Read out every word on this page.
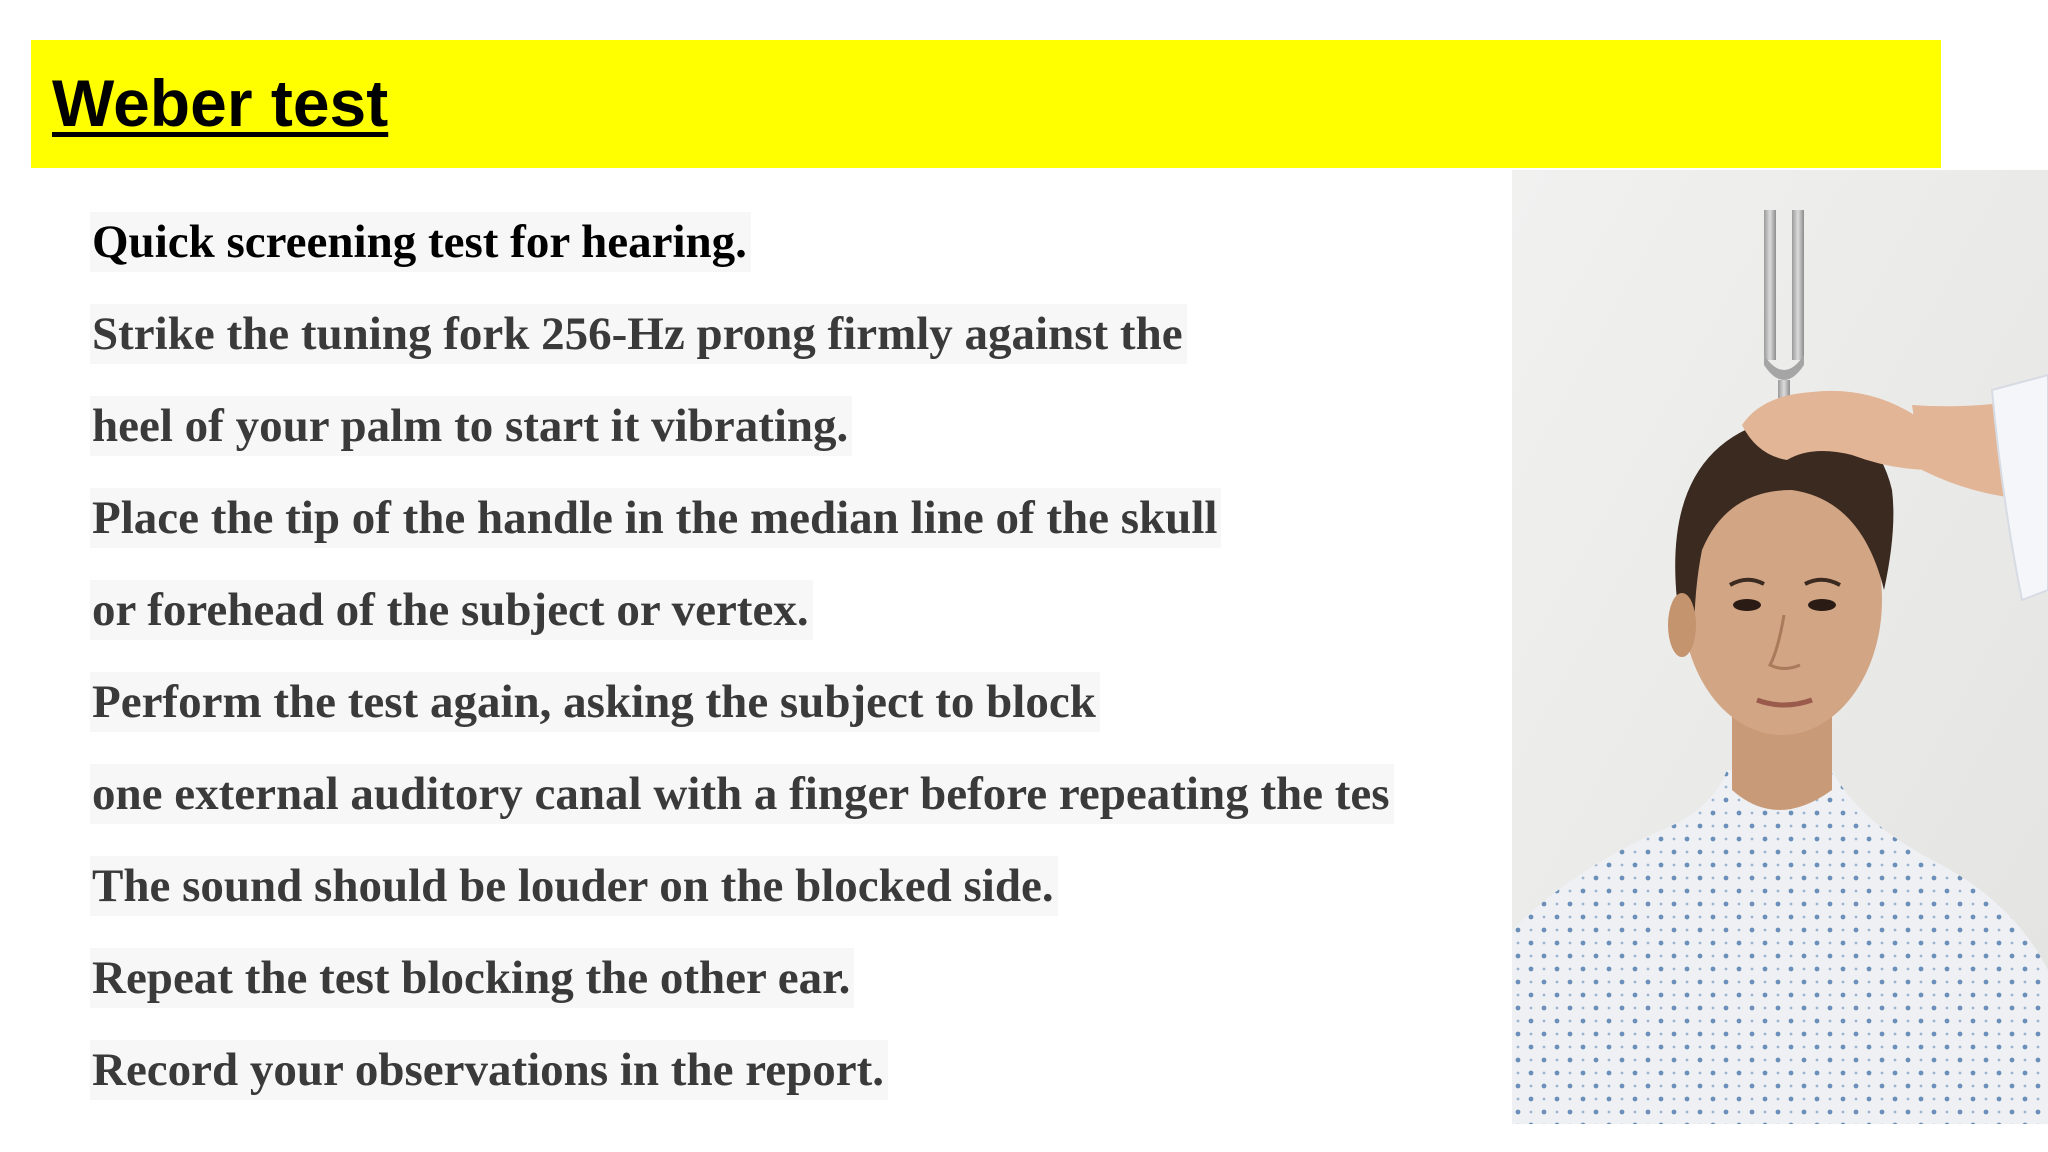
Weber test
Quick screening test for hearing.
Strike the tuning fork 256-Hz prong firmly against the
heel of your palm to start it vibrating.
Place the tip of the handle in the median line of the skull
or forehead of the subject or vertex.
Perform the test again, asking the subject to block
one external auditory canal with a finger before repeating the tes
The sound should be louder on the blocked side.
Repeat the test blocking the other ear.
Record your observations in the report.
